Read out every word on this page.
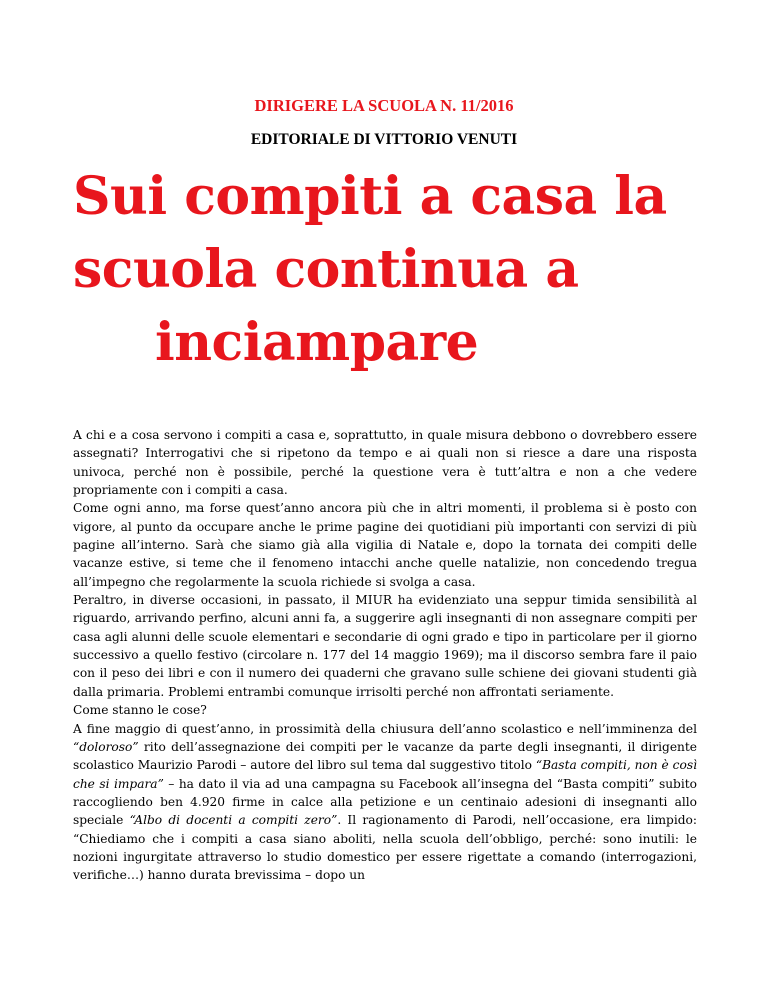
DIRIGERE LA SCUOLA N. 11/2016

EDITORIALE DI VITTORIO VENUTI

Sui compiti a casa la
scuola continua a
inciampare

A chi e a cosa servono i compiti a casa e, soprattutto, in quale misura debbono o dovrebbero essere assegnati? Interrogativi che si ripetono da tempo e ai quali non si riesce a dare una risposta univoca, perché non è possibile, perché la questione vera è tutt’altra e non a che vedere propriamente con i compiti a casa.

Come ogni anno, ma forse quest’anno ancora più che in altri momenti, il problema si è posto con vigore, al punto da occupare anche le prime pagine dei quotidiani più importanti con servizi di più pagine all’interno. Sarà che siamo già alla vigilia di Natale e, dopo la tornata dei compiti delle vacanze estive, si teme che il fenomeno intacchi anche quelle natalizie, non concedendo tregua all’impegno che regolarmente la scuola richiede si svolga a casa.

Peraltro, in diverse occasioni, in passato, il MIUR ha evidenziato una seppur timida sensibilità al riguardo, arrivando perfino, alcuni anni fa, a suggerire agli insegnanti di non assegnare compiti per casa agli alunni delle scuole elementari e secondarie di ogni grado e tipo in particolare per il giorno successivo a quello festivo (circolare n. 177 del 14 maggio 1969); ma il discorso sembra fare il paio con il peso dei libri e con il numero dei quaderni che gravano sulle schiene dei giovani studenti già dalla primaria. Problemi entrambi comunque irrisolti perché non affrontati seriamente.

Come stanno le cose?

A fine maggio di quest’anno, in prossimità della chiusura dell’anno scolastico e nell’imminenza del “doloroso” rito dell’assegnazione dei compiti per le vacanze da parte degli insegnanti, il dirigente scolastico Maurizio Parodi – autore del libro sul tema dal suggestivo titolo “Basta compiti, non è così che si impara” – ha dato il via ad una campagna su Facebook all’insegna del “Basta compiti” subito raccogliendo ben 4.920 firme in calce alla petizione e un centinaio adesioni di insegnanti allo speciale “Albo di docenti a compiti zero”. Il ragionamento di Parodi, nell’occasione, era limpido: “Chiediamo che i compiti a casa siano aboliti, nella scuola dell’obbligo, perché: sono inutili: le nozioni ingurgitate attraverso lo studio domestico per essere rigettate a comando (interrogazioni, verifiche…) hanno durata brevissima – dopo un
